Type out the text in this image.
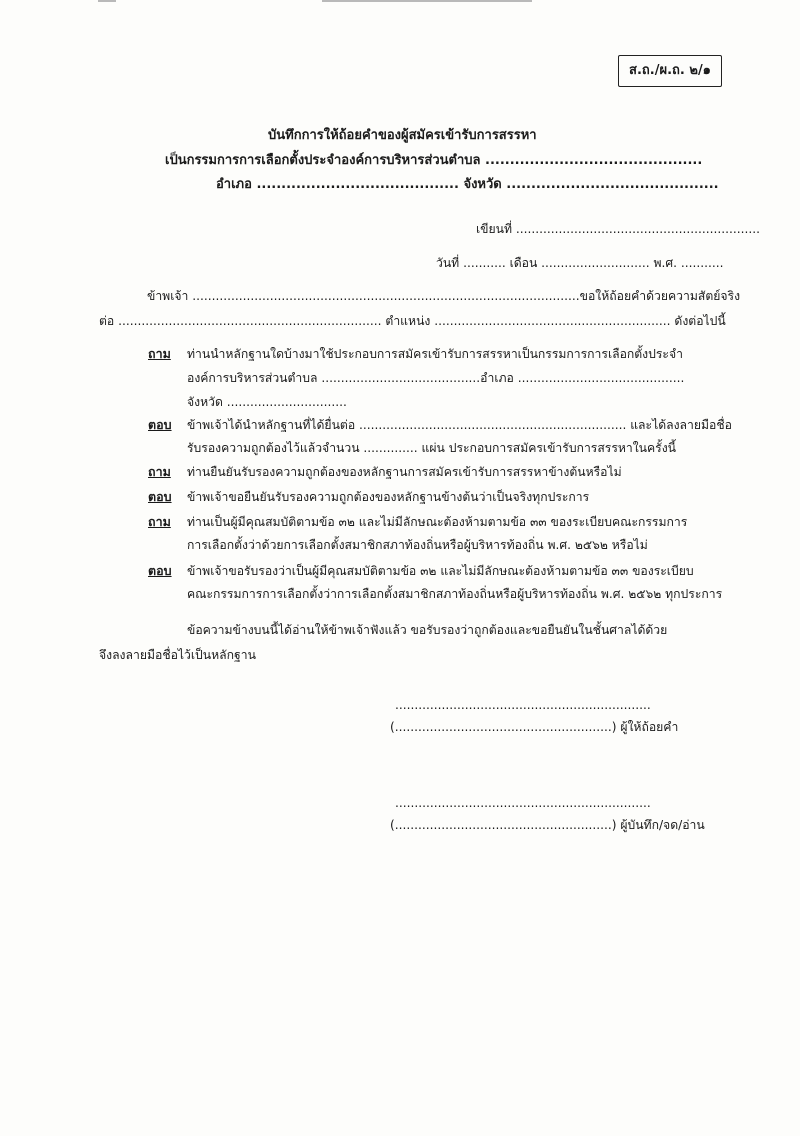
ส.ถ./ผ.ถ. ๒/๑
บันทึกการให้ถ้อยคำของผู้สมัครเข้ารับการสรรหา
เป็นกรรมการการเลือกตั้งประจำองค์การบริหารส่วนตำบล ............................................
อำเภอ ......................................... จังหวัด ...........................................
เขียนที่ ...............................................................
วันที่ ........... เดือน ............................ พ.ศ. ...........
ข้าพเจ้า ....................................................................................................ขอให้ถ้อยคำด้วยความสัตย์จริง
ต่อ .................................................................... ตำแหน่ง ............................................................. ดังต่อไปนี้
ถาม ท่านนำหลักฐานใดบ้างมาใช้ประกอบการสมัครเข้ารับการสรรหาเป็นกรรมการการเลือกตั้งประจำ
องค์การบริหารส่วนตำบล .........................................อำเภอ ...........................................
จังหวัด ...............................
ตอบ ข้าพเจ้าได้นำหลักฐานที่ได้ยื่นต่อ ..................................................................... และได้ลงลายมือชื่อ
รับรองความถูกต้องไว้แล้วจำนวน .............. แผ่น ประกอบการสมัครเข้ารับการสรรหาในครั้งนี้
ถาม ท่านยืนยันรับรองความถูกต้องของหลักฐานการสมัครเข้ารับการสรรหาข้างต้นหรือไม่
ตอบ ข้าพเจ้าขอยืนยันรับรองความถูกต้องของหลักฐานข้างต้นว่าเป็นจริงทุกประการ
ถาม ท่านเป็นผู้มีคุณสมบัติตามข้อ ๓๒ และไม่มีลักษณะต้องห้ามตามข้อ ๓๓ ของระเบียบคณะกรรมการ
การเลือกตั้งว่าด้วยการเลือกตั้งสมาชิกสภาท้องถิ่นหรือผู้บริหารท้องถิ่น พ.ศ. ๒๕๖๒ หรือไม่
ตอบ ข้าพเจ้าขอรับรองว่าเป็นผู้มีคุณสมบัติตามข้อ ๓๒ และไม่มีลักษณะต้องห้ามตามข้อ ๓๓ ของระเบียบ
คณะกรรมการการเลือกตั้งว่าการเลือกตั้งสมาชิกสภาท้องถิ่นหรือผู้บริหารท้องถิ่น พ.ศ. ๒๕๖๒ ทุกประการ
ข้อความข้างบนนี้ได้อ่านให้ข้าพเจ้าฟังแล้ว ขอรับรองว่าถูกต้องและขอยืนยันในชั้นศาลได้ด้วย
จึงลงลายมือชื่อไว้เป็นหลักฐาน
..................................................................
(........................................................) ผู้ให้ถ้อยคำ
..................................................................
(........................................................) ผู้บันทึก/จด/อ่าน
